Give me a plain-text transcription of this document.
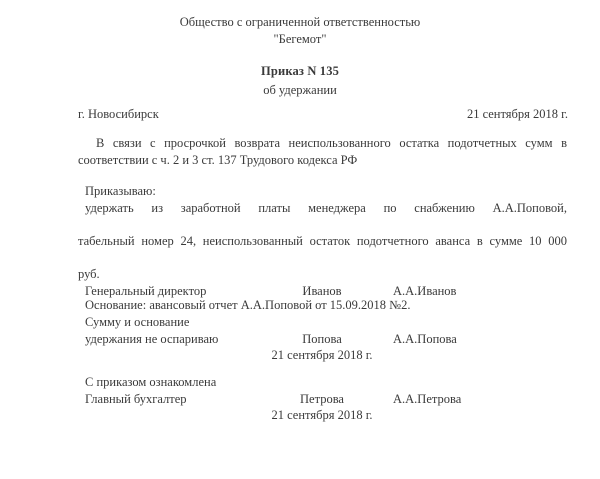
Общество с ограниченной ответственностью
"Бегемот"
Приказ N 135
об удержании
г. Новосибирск	21 сентября 2018 г.

В связи с просрочкой возврата неиспользованного остатка подотчетных сумм в соответствии с ч. 2 и 3 ст. 137 Трудового кодекса РФ

Приказываю:

удержать из заработной платы менеджера по снабжению А.А.Поповой,

табельный номер 24, неиспользованный остаток подотчетного аванса в сумме 10 000

руб.

Основание: авансовый отчет А.А.Поповой от 15.09.2018 №2.

Генеральный директор	Иванов	А.А.Иванов
Сумму и основание
удержания не оспариваю	Попова	А.А.Попова
21 сентября 2018 г.
С приказом ознакомлена
Главный бухгалтер	Петрова	А.А.Петрова
21 сентября 2018 г.
